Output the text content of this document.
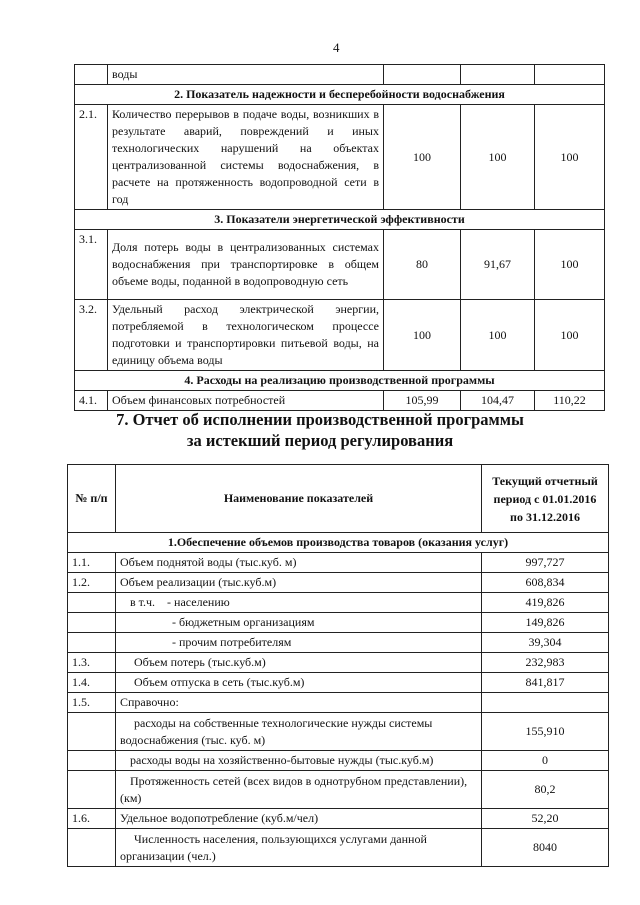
4
	воды			
2. Показатель надежности и бесперебойности водоснабжения				
2.1.	Количество перерывов в подаче воды, возникших в результате аварий, повреждений и иных технологических нарушений на объектах централизованной системы водоснабжения, в расчете на протяженность водопроводной сети в год	100	100	100
3. Показатели энергетической эффективности				
3.1.	Доля потерь воды в централизованных системах водоснабжения при транспортировке в общем объеме воды, поданной в водопроводную сеть	80	91,67	100
3.2.	Удельный расход электрической энергии, потребляемой в технологическом процессе подготовки и транспортировки питьевой воды, на единицу объема воды	100	100	100
4. Расходы на реализацию производственной программы				
4.1.	Объем финансовых потребностей	105,99	104,47	110,22
7. Отчет об исполнении производственной программы
за истекший период регулирования
№ п/п	Наименование показателей	Текущий отчетный период с 01.01.2016 по 31.12.2016
1.Обеспечение объемов производства товаров (оказания услуг)		
1.1.	Объем поднятой воды (тыс.куб. м)	997,727
1.2.	Объем реализации (тыс.куб.м)	608,834
	в т.ч.    - населению	419,826
	- бюджетным организациям	149,826
	- прочим потребителям	39,304
1.3.	Объем потерь (тыс.куб.м)	232,983
1.4.	Объем отпуска в сеть (тыс.куб.м)	841,817
1.5.	Справочно:	
	расходы на собственные технологические нужды системы водоснабжения (тыс. куб. м)	155,910
	расходы воды на хозяйственно-бытовые нужды (тыс.куб.м)	0
	Протяженность сетей (всех видов в однотрубном представлении), (км)	80,2
1.6.	Удельное водопотребление (куб.м/чел)	52,20
	Численность населения, пользующихся услугами данной организации (чел.)	8040
